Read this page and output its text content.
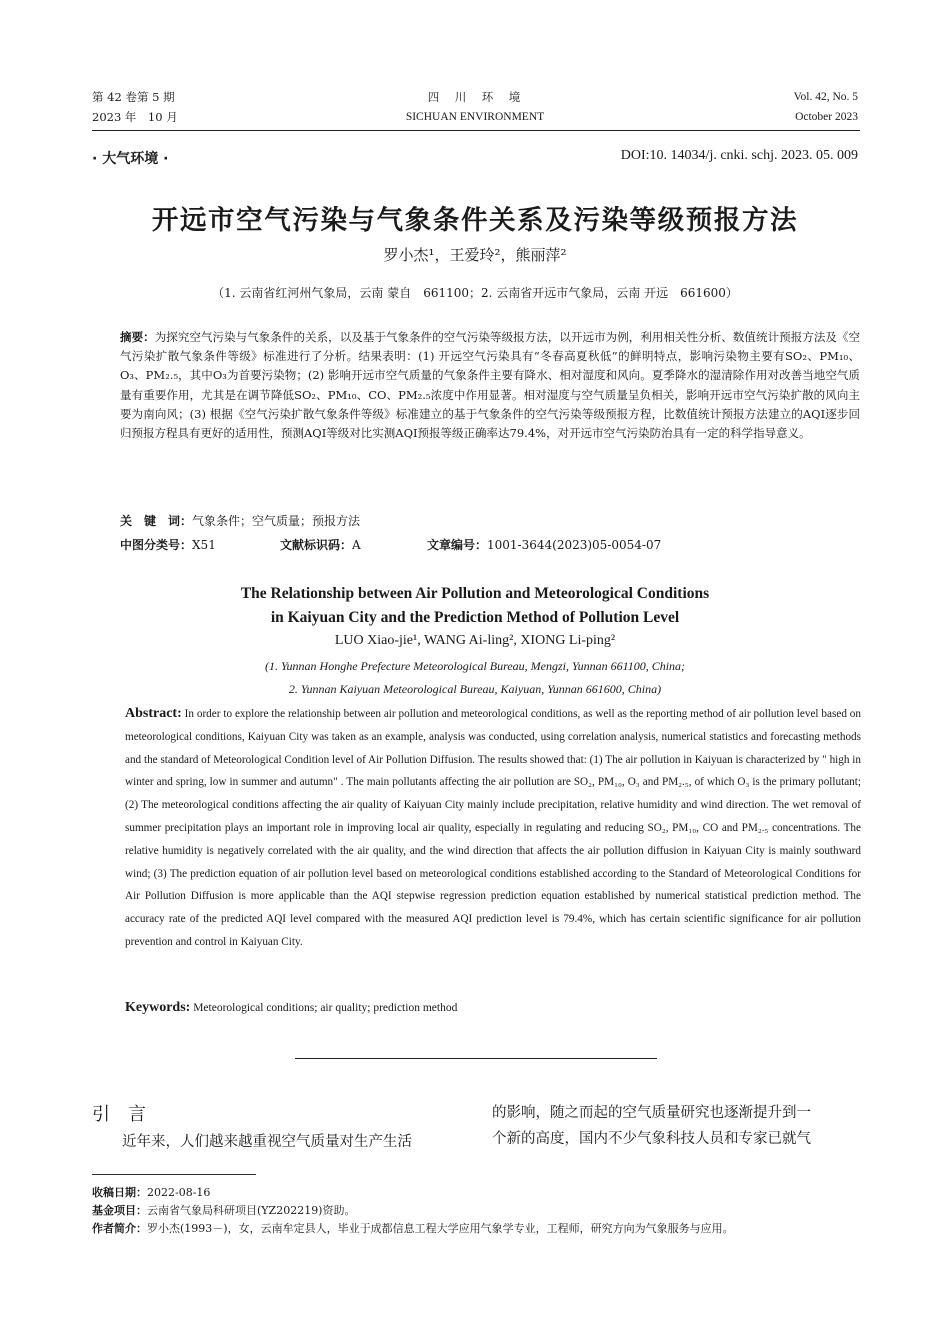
第 42 卷第 5 期
2023 年　10 月
四　川　环　境
SICHUAN ENVIRONMENT
Vol. 42, No. 5
October 2023
· 大气环境 ·	DOI:10. 14034/j. cnki. schj. 2023. 05. 009
开远市空气污染与气象条件关系及污染等级预报方法
罗小杰¹，王爱玲²，熊丽萍²
（1. 云南省红河州气象局，云南 蒙自　661100；2. 云南省开远市气象局，云南 开远　661600）
摘要：为探究空气污染与气象条件的关系，以及基于气象条件的空气污染等级报方法，以开远市为例，利用相关性分析、数值统计预报方法及《空气污染扩散气象条件等级》标准进行了分析。结果表明：(1) 开远空气污染具有“冬春高夏秋低”的鲜明特点，影响污染物主要有SO₂、PM₁₀、O₃、PM₂.₅，其中O₃为首要污染物；(2) 影响开远市空气质量的气象条件主要有降水、相对湿度和风向。夏季降水的湿清除作用对改善当地空气质量有重要作用，尤其是在调节降低SO₂、PM₁₀、CO、PM₂.₅浓度中作用显著。相对湿度与空气质量呈负相关，影响开远市空气污染扩散的风向主要为南向风；(3) 根据《空气污染扩散气象条件等级》标准建立的基于气象条件的空气污染等级预报方程，比数值统计预报方法建立的AQI逐步回归预报方程具有更好的适用性，预测AQI等级对比实测AQI预报等级正确率达79.4%，对开远市空气污染防治具有一定的科学指导意义。
关　键　词：气象条件；空气质量；预报方法
中图分类号：X51	文献标识码：A	文章编号：1001-3644(2023)05-0054-07
The Relationship between Air Pollution and Meteorological Conditions
in Kaiyuan City and the Prediction Method of Pollution Level
LUO Xiao-jie¹, WANG Ai-ling², XIONG Li-ping²
(1. Yunnan Honghe Prefecture Meteorological Bureau, Mengzi, Yunnan 661100, China;
2. Yunnan Kaiyuan Meteorological Bureau, Kaiyuan, Yunnan 661600, China)
Abstract: In order to explore the relationship between air pollution and meteorological conditions, as well as the reporting method of air pollution level based on meteorological conditions, Kaiyuan City was taken as an example, analysis was conducted, using correlation analysis, numerical statistics and forecasting methods and the standard of Meteorological Condition level of Air Pollution Diffusion. The results showed that: (1) The air pollution in Kaiyuan is characterized by " high in winter and spring, low in summer and autumn" . The main pollutants affecting the air pollution are SO₂, PM₁₀, O₃ and PM₂.₅, of which O₃ is the primary pollutant; (2) The meteorological conditions affecting the air quality of Kaiyuan City mainly include precipitation, relative humidity and wind direction. The wet removal of summer precipitation plays an important role in improving local air quality, especially in regulating and reducing SO₂, PM₁₀, CO and PM₂.₅ concentrations. The relative humidity is negatively correlated with the air quality, and the wind direction that affects the air pollution diffusion in Kaiyuan City is mainly southward wind; (3) The prediction equation of air pollution level based on meteorological conditions established according to the Standard of Meteorological Conditions for Air Pollution Diffusion is more applicable than the AQI stepwise regression prediction equation established by numerical statistical prediction method. The accuracy rate of the predicted AQI level compared with the measured AQI prediction level is 79.4%, which has certain scientific significance for air pollution prevention and control in Kaiyuan City.
Keywords: Meteorological conditions; air quality; prediction method
引　言
近年来，人们越来越重视空气质量对生产生活
的影响，随之而起的空气质量研究也逐渐提升到一
个新的高度，国内不少气象科技人员和专家已就气
收稿日期：2022-08-16
基金项目：云南省气象局科研项目(YZ202219)资助。
作者简介：罗小杰(1993－)，女，云南牟定县人，毕业于成都信息工程大学应用气象学专业，工程师，研究方向为气象服务与应用。
